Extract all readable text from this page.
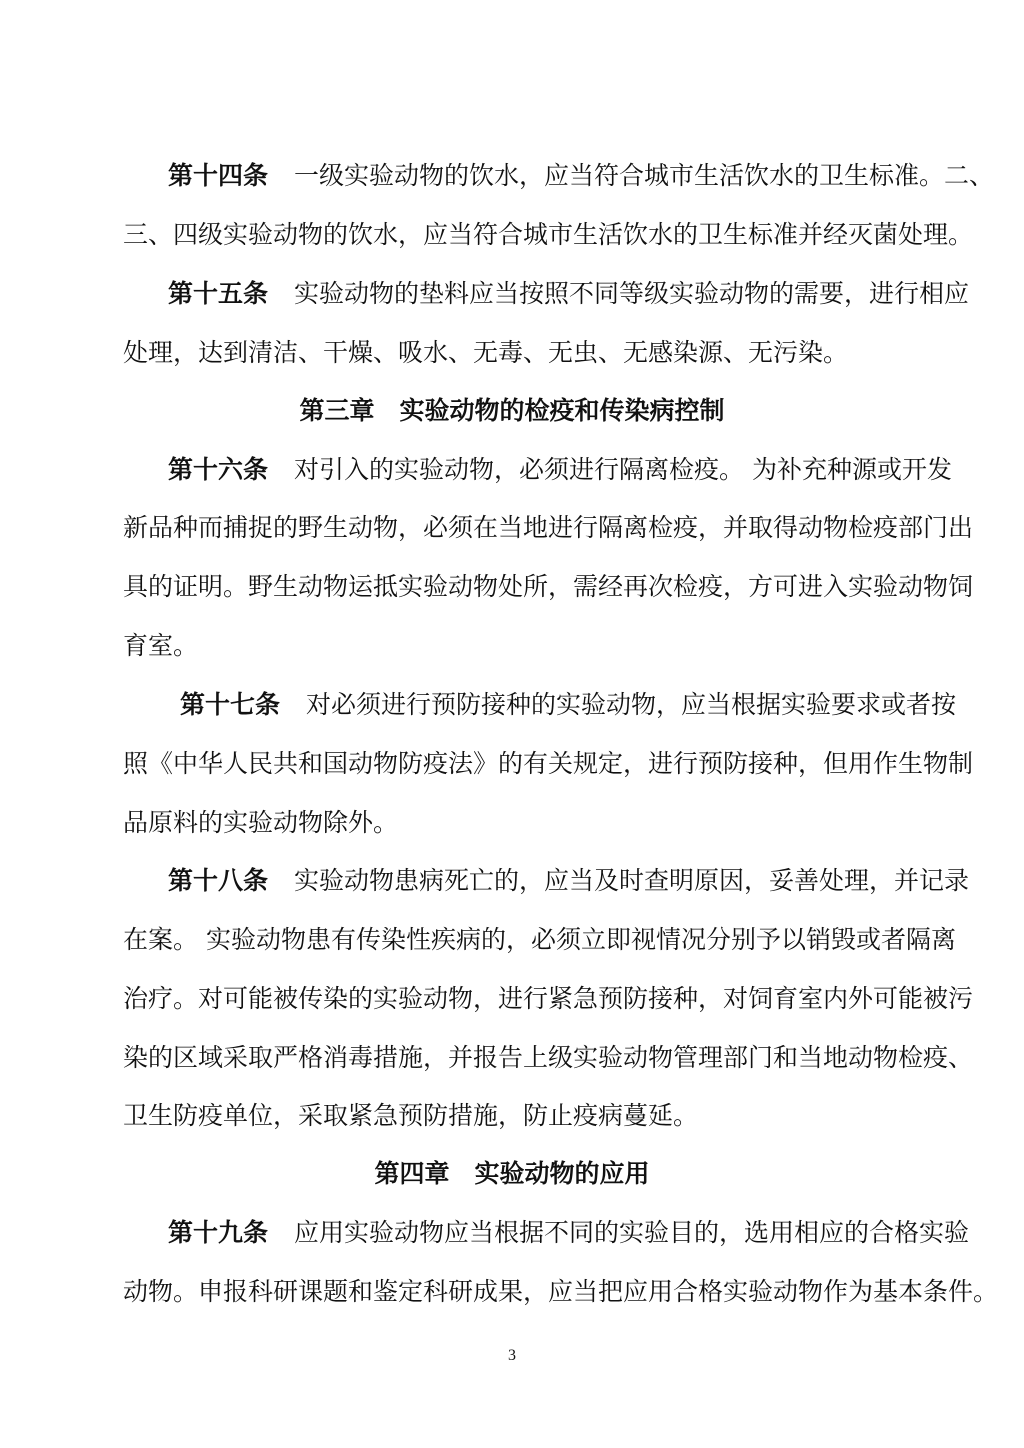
第十四条 一级实验动物的饮水，应当符合城市生活饮水的卫生标准。二、
三、四级实验动物的饮水，应当符合城市生活饮水的卫生标准并经灭菌处理。
第十五条 实验动物的垫料应当按照不同等级实验动物的需要，进行相应
处理，达到清洁、干燥、吸水、无毒、无虫、无感染源、无污染。
第三章　实验动物的检疫和传染病控制
第十六条 对引入的实验动物，必须进行隔离检疫。 为补充种源或开发
新品种而捕捉的野生动物，必须在当地进行隔离检疫，并取得动物检疫部门出
具的证明。野生动物运抵实验动物处所，需经再次检疫，方可进入实验动物饲
育室。
第十七条 对必须进行预防接种的实验动物，应当根据实验要求或者按
照《中华人民共和国动物防疫法》的有关规定，进行预防接种，但用作生物制
品原料的实验动物除外。
第十八条 实验动物患病死亡的，应当及时查明原因，妥善处理，并记录
在案。 实验动物患有传染性疾病的，必须立即视情况分别予以销毁或者隔离
治疗。对可能被传染的实验动物，进行紧急预防接种，对饲育室内外可能被污
染的区域采取严格消毒措施，并报告上级实验动物管理部门和当地动物检疫、
卫生防疫单位，采取紧急预防措施，防止疫病蔓延。
第四章　实验动物的应用
第十九条 应用实验动物应当根据不同的实验目的，选用相应的合格实验
动物。申报科研课题和鉴定科研成果，应当把应用合格实验动物作为基本条件。
3
